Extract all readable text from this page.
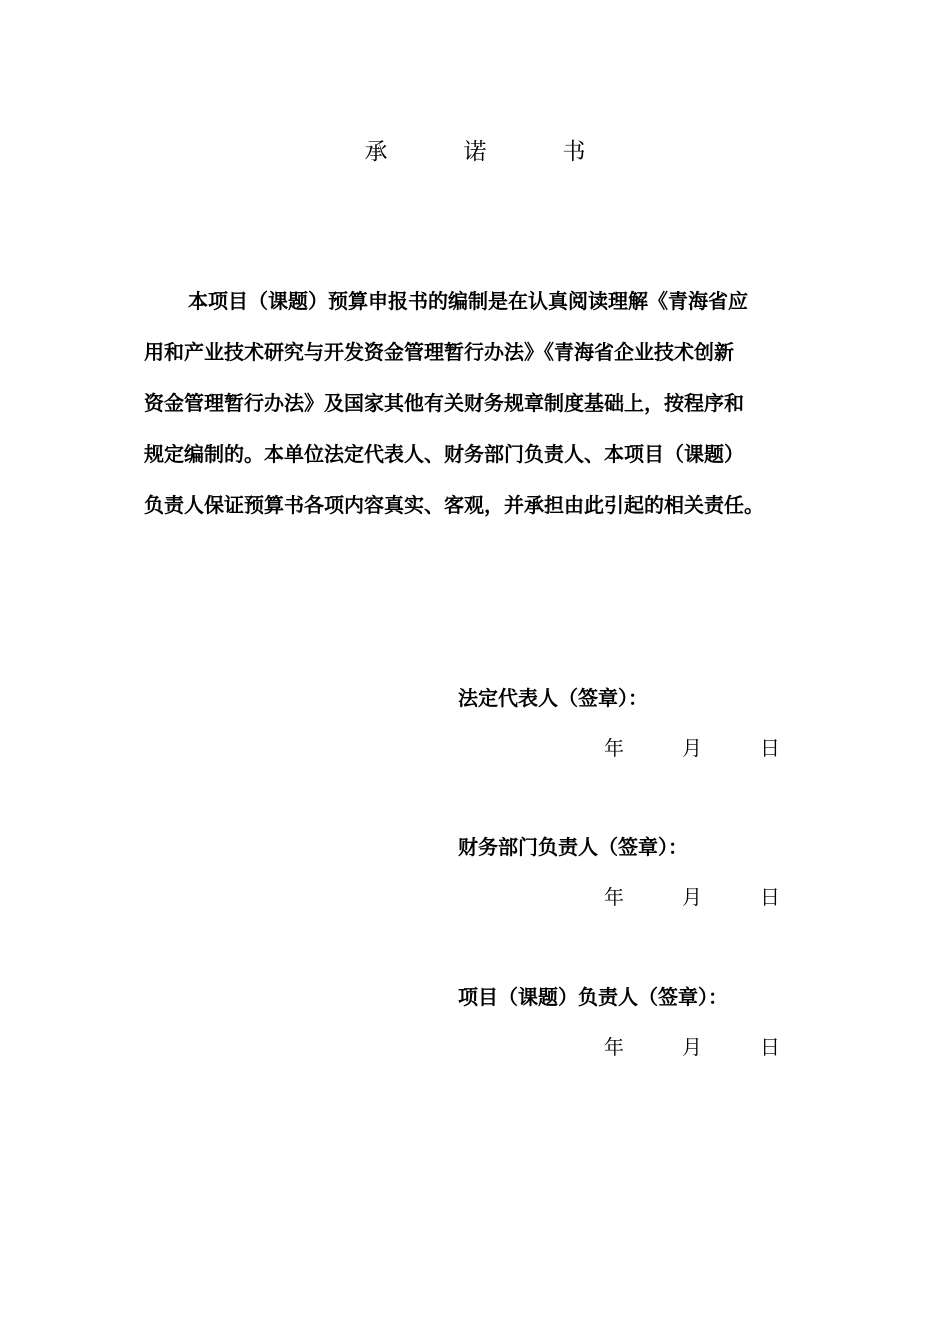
承	诺	书
本项目（课题）预算申报书的编制是在认真阅读理解《青海省应
用和产业技术研究与开发资金管理暂行办法》《青海省企业技术创新
资金管理暂行办法》及国家其他有关财务规章制度基础上，按程序和
规定编制的。本单位法定代表人、财务部门负责人、本项目（课题）
负责人保证预算书各项内容真实、客观，并承担由此引起的相关责任。
法定代表人（签章）：
年	月	日
财务部门负责人（签章）：
年	月	日
项目（课题）负责人（签章）：
年	月	日
